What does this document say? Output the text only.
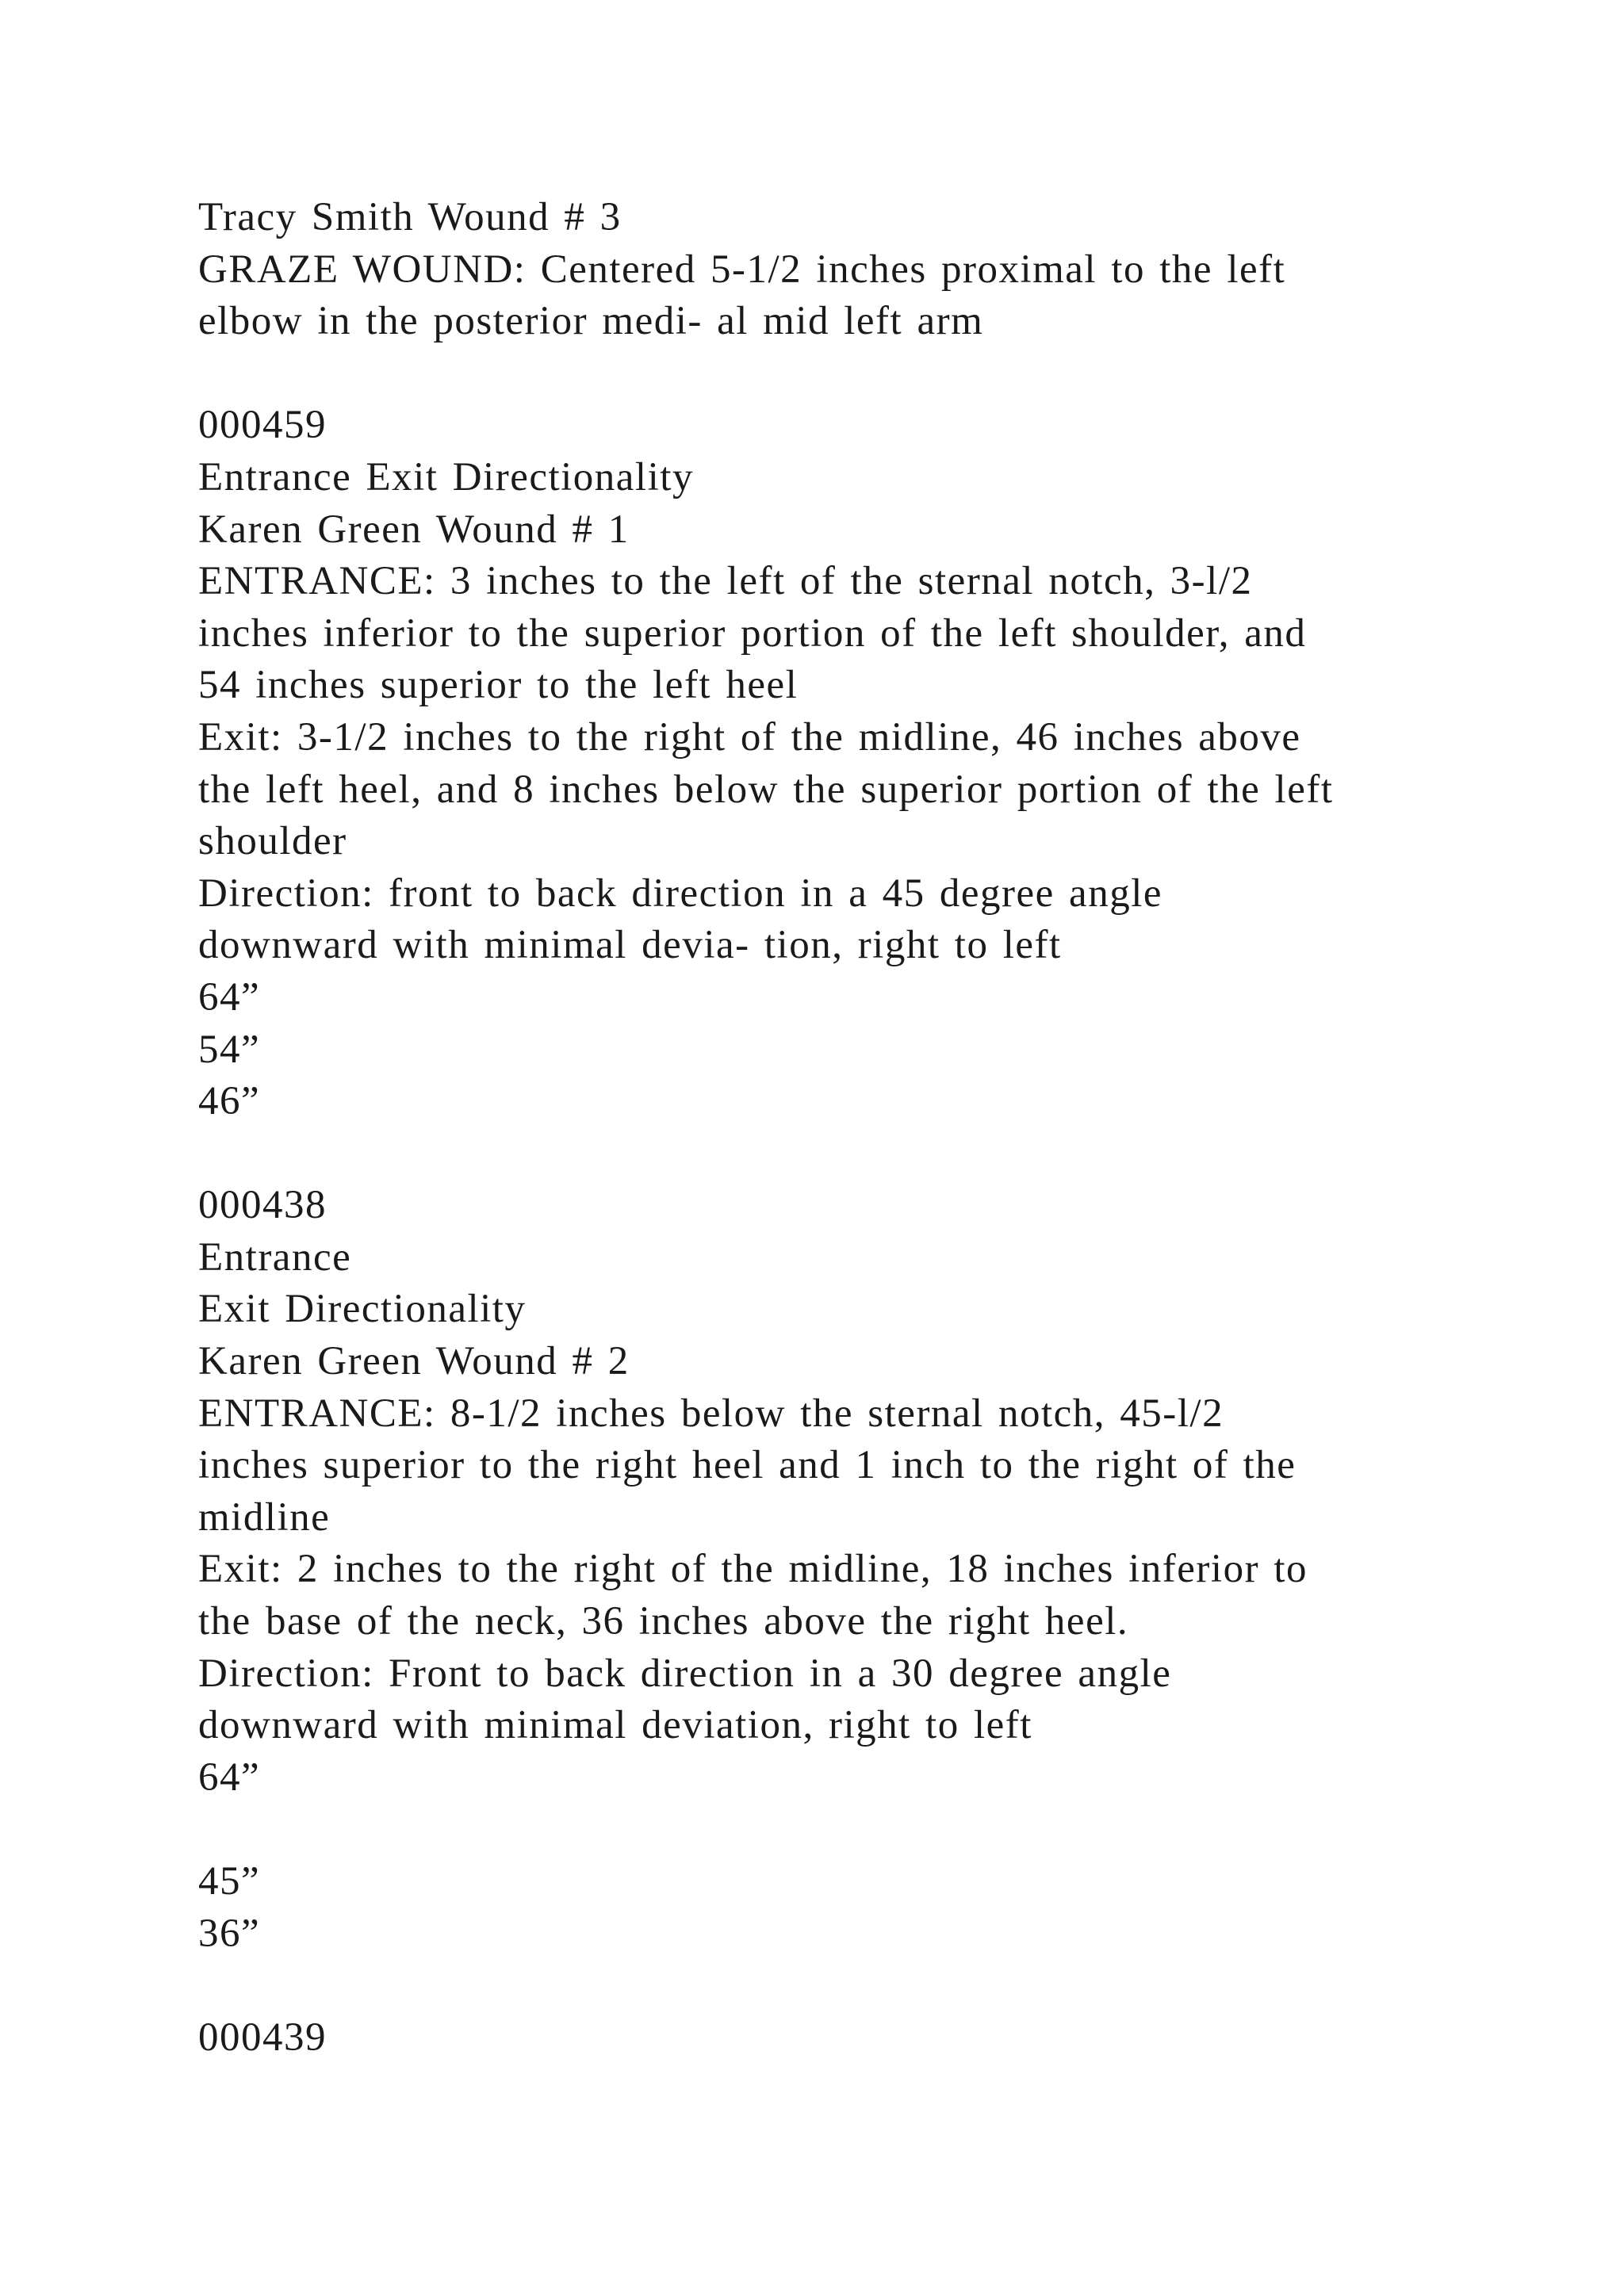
Tracy Smith Wound # 3
GRAZE WOUND: Centered 5-1/2 inches proximal to the left
elbow in the posterior medi- al mid left arm
000459
Entrance Exit Directionality
Karen Green Wound # 1
ENTRANCE: 3 inches to the left of the sternal notch, 3-l/2
inches inferior to the superior portion of the left shoulder, and
54 inches superior to the left heel
Exit: 3-1/2 inches to the right of the midline, 46 inches above
the left heel, and 8 inches below the superior portion of the left
shoulder
Direction: front to back direction in a 45 degree angle
downward with minimal devia- tion, right to left
64”
54”
46”
000438
Entrance
Exit Directionality
Karen Green Wound # 2
ENTRANCE: 8-1/2 inches below the sternal notch, 45-l/2
inches superior to the right heel and 1 inch to the right of the
midline
Exit: 2 inches to the right of the midline, 18 inches inferior to
the base of the neck, 36 inches above the right heel.
Direction: Front to back direction in a 30 degree angle
downward with minimal deviation, right to left
64”
45”
36”
000439
